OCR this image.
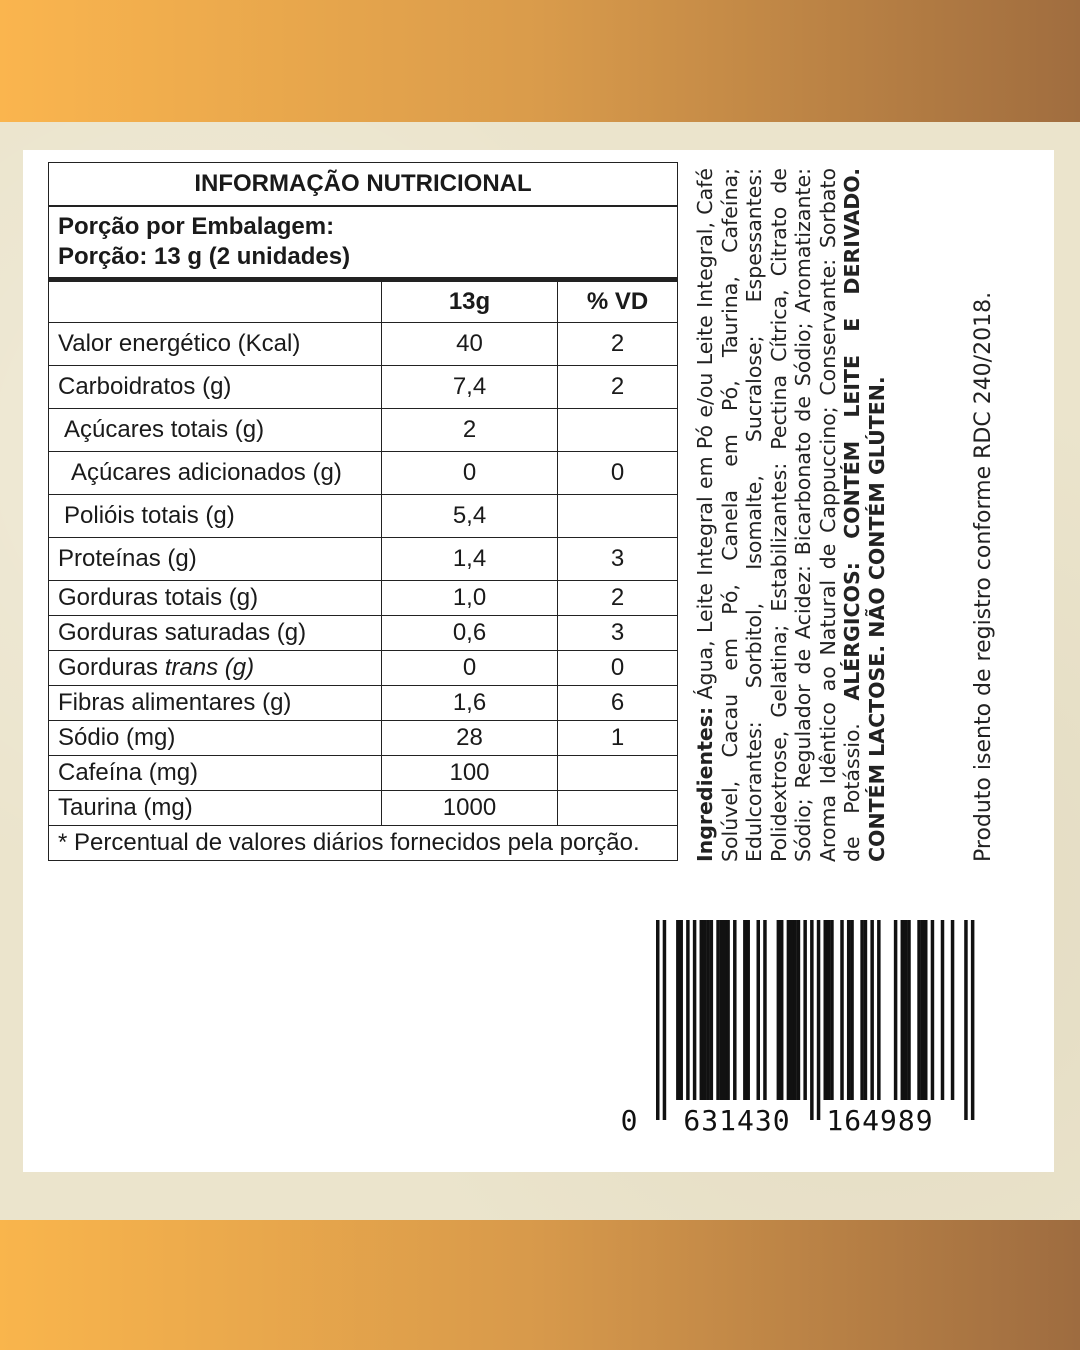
INFORMAÇÃO NUTRICIONAL		

Porção por Embalagem:
Porção: 13 g (2 unidades)		

	13g	% VD
Valor energético (Kcal)	40	2
Carboidratos (g)	7,4	2
Açúcares totais (g)	2	
Açúcares adicionados (g)	0	0
Polióis totais (g)	5,4	
Proteínas (g)	1,4	3
Gorduras totais (g)	1,0	2
Gorduras saturadas (g)	0,6	3
Gorduras trans (g)	0	0
Fibras alimentares (g)	1,6	6
Sódio (mg)	28	1
Cafeína (mg)	100	
Taurina (mg)	1000	
* Percentual de valores diários fornecidos pela porção.			Ingredientes: Água, Leite Integral em Pó e/ou Leite Integral, Café Solúvel, Cacau em Pó, Canela em Pó, Taurina, Cafeína; Edulcorantes: Sorbitol, Isomalte, Sucralose; Espessantes: Polidextrose, Gelatina; Estabilizantes: Pectina Cítrica, Citrato de Sódio; Regulador de Acidez: Bicarbonato de Sódio; Aromatizante: Aroma Idêntico ao Natural de Cappuccino; Conservante: Sorbato de Potássio. ALÉRGICOS: CONTÉM LEITE E DERIVADO. CONTÉM LACTOSE. NÃO CONTÉM GLÚTEN.	Produto isento de registro conforme RDC 240/2018.
0 631430 164989
